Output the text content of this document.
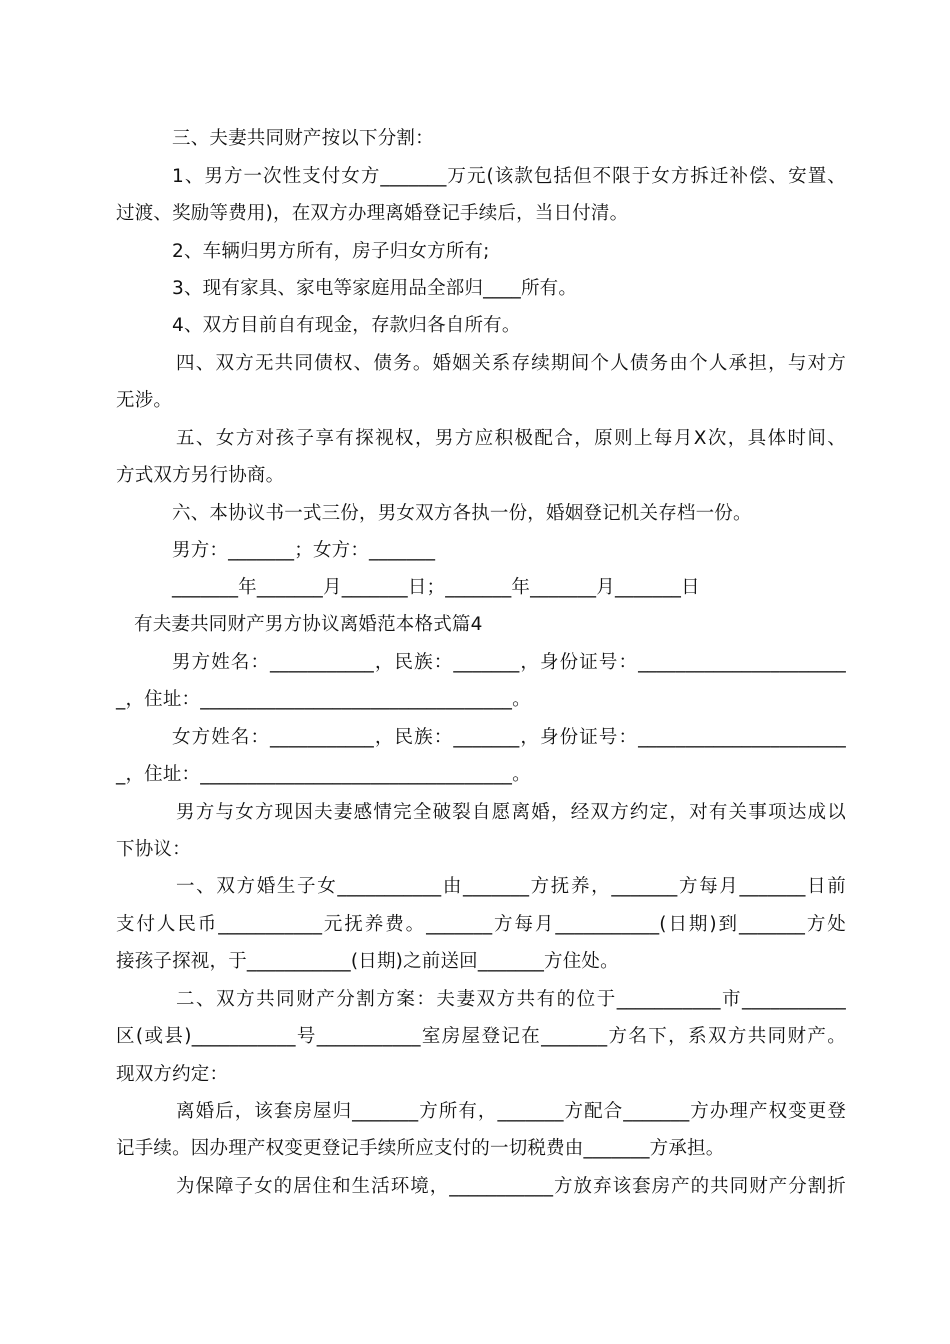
三、夫妻共同财产按以下分割：
1、男方一次性支付女方_______万元(该款包括但不限于女方拆迁补偿、安置、
过渡、奖励等费用)，在双方办理离婚登记手续后，当日付清。
2、车辆归男方所有，房子归女方所有;
3、现有家具、家电等家庭用品全部归____所有。
4、双方目前自有现金，存款归各自所有。
四、双方无共同债权、债务。婚姻关系存续期间个人债务由个人承担，与对方
无涉。
五、女方对孩子享有探视权，男方应积极配合，原则上每月X次，具体时间、
方式双方另行协商。
六、本协议书一式三份，男女双方各执一份，婚姻登记机关存档一份。
男方：_______；女方：_______
_______年_______月_______日；_______年_______月_______日
有夫妻共同财产男方协议离婚范本格式篇4
男方姓名：___________，民族：_______，身份证号：______________________
_，住址：_________________________________。
女方姓名：___________，民族：_______，身份证号：______________________
_，住址：_________________________________。
男方与女方现因夫妻感情完全破裂自愿离婚，经双方约定，对有关事项达成以
下协议：
一、双方婚生子女___________由_______方抚养，_______方每月_______日前
支付人民币___________元抚养费。_______方每月___________(日期)到_______方处
接孩子探视，于___________(日期)之前送回_______方住处。
二、双方共同财产分割方案：夫妻双方共有的位于___________市___________
区(或县)___________号___________室房屋登记在_______方名下，系双方共同财产。
现双方约定：
离婚后，该套房屋归_______方所有，_______方配合_______方办理产权变更登
记手续。因办理产权变更登记手续所应支付的一切税费由_______方承担。
为保障子女的居住和生活环境，___________方放弃该套房产的共同财产分割折
